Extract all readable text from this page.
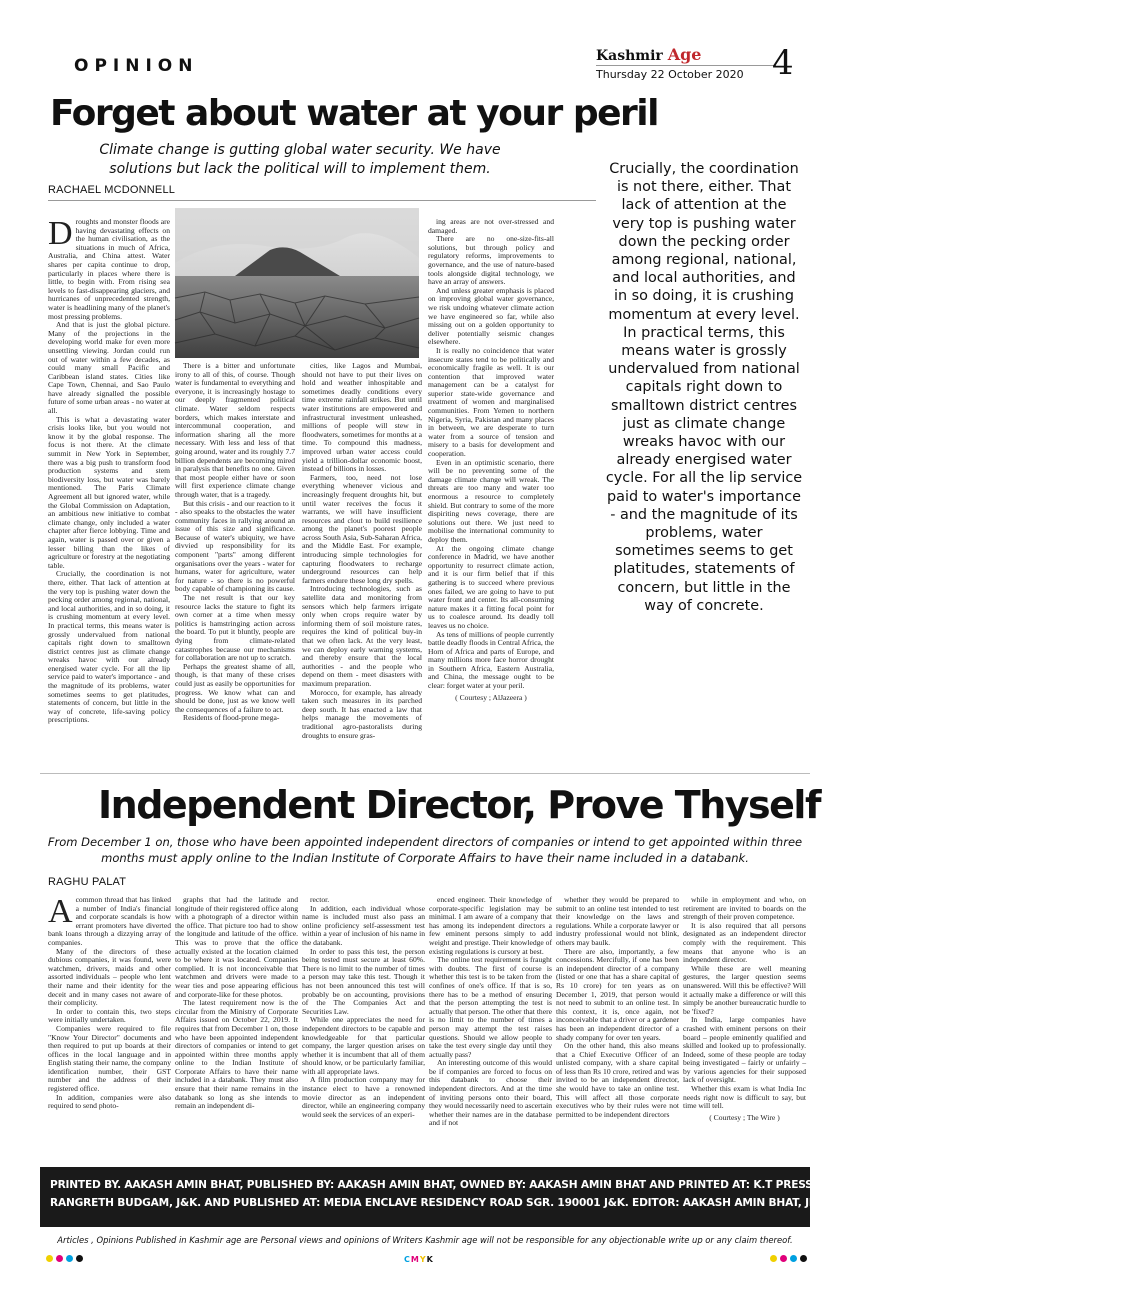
OPINION	Kashmir Age
Thursday 22 October 2020 4
Forget about water at your peril
Climate change is gutting global water security. We have solutions but lack the political will to implement them.
RACHAEL MCDONNELL

Droughts and monster floods are having devastating effects on the human civilisation, as the situations in much of Africa, Australia, and China attest. Water shares per capita continue to drop, particularly in places where there is little, to begin with. From rising sea levels to fast-disappearing glaciers, and hurricanes of unprecedented strength, water is headlining many of the planet's most pressing problems.

And that is just the global picture. Many of the projections in the developing world make for even more unsettling viewing. Jordan could run out of water within a few decades, as could many small Pacific and Caribbean island states. Cities like Cape Town, Chennai, and Sao Paulo have already signalled the possible future of some urban areas - no water at all.

This is what a devastating water crisis looks like, but you would not know it by the global response. The focus is not there. At the climate summit in New York in September, there was a big push to transform food production systems and stem biodiversity loss, but water was barely mentioned. The Paris Climate Agreement all but ignored water, while the Global Commission on Adaptation, an ambitious new initiative to combat climate change, only included a water chapter after fierce lobbying. Time and again, water is passed over or given a lesser billing than the likes of agriculture or forestry at the negotiating table.

Crucially, the coordination is not there, either. That lack of attention at the very top is pushing water down the pecking order among regional, national, and local authorities, and in so doing, it is crushing momentum at every level. In practical terms, this means water is grossly undervalued from national capitals right down to smalltown district centres just as climate change wreaks havoc with our already energised water cycle. For all the lip service paid to water's importance - and the magnitude of its problems, water sometimes seems to get platitudes, statements of concern, but little in the way of concrete, life-saving policy prescriptions.

There is a bitter and unfortunate irony to all of this, of course. Though water is fundamental to everything and everyone, it is increasingly hostage to our deeply fragmented political climate. Water seldom respects borders, which makes interstate and intercommunal cooperation, and information sharing all the more necessary. With less and less of that going around, water and its roughly 7.7 billion dependents are becoming mired in paralysis that benefits no one. Given that most people either have or soon will first experience climate change through water, that is a tragedy.

But this crisis - and our reaction to it - also speaks to the obstacles the water community faces in rallying around an issue of this size and significance. Because of water's ubiquity, we have divvied up responsibility for its component "parts" among different organisations over the years - water for humans, water for agriculture, water for nature - so there is no powerful body capable of championing its cause.

The net result is that our key resource lacks the stature to fight its own corner at a time when messy politics is hamstringing action across the board. To put it bluntly, people are dying from climate-related catastrophes because our mechanisms for collaboration are not up to scratch.

Perhaps the greatest shame of all, though, is that many of these crises could just as easily be opportunities for progress. We know what can and should be done, just as we know well the consequences of a failure to act.

Residents of flood-prone mega-

cities, like Lagos and Mumbai, should not have to put their lives on hold and weather inhospitable and sometimes deadly conditions every time extreme rainfall strikes. But until water institutions are empowered and infrastructural investment unleashed, millions of people will stew in floodwaters, sometimes for months at a time. To compound this madness, improved urban water access could yield a trillion-dollar economic boost, instead of billions in losses.

Farmers, too, need not lose everything whenever vicious and increasingly frequent droughts hit, but until water receives the focus it warrants, we will have insufficient resources and clout to build resilience among the planet's poorest people across South Asia, Sub-Saharan Africa, and the Middle East. For example, introducing simple technologies for capturing floodwaters to recharge underground resources can help farmers endure these long dry spells.

Introducing technologies, such as satellite data and monitoring from sensors which help farmers irrigate only when crops require water by informing them of soil moisture rates, requires the kind of political buy-in that we often lack. At the very least, we can deploy early warning systems, and thereby ensure that the local authorities - and the people who depend on them - meet disasters with maximum preparation.

Morocco, for example, has already taken such measures in its parched deep south. It has enacted a law that helps manage the movements of traditional agro-pastoralists during droughts to ensure gras-

ing areas are not over-stressed and damaged.

There are no one-size-fits-all solutions, but through policy and regulatory reforms, improvements to governance, and the use of nature-based tools alongside digital technology, we have an array of answers.

And unless greater emphasis is placed on improving global water governance, we risk undoing whatever climate action we have engineered so far, while also missing out on a golden opportunity to deliver potentially seismic changes elsewhere.

It is really no coincidence that water insecure states tend to be politically and economically fragile as well. It is our contention that improved water management can be a catalyst for superior state-wide governance and treatment of women and marginalised communities. From Yemen to northern Nigeria, Syria, Pakistan and many places in between, we are desperate to turn water from a source of tension and misery to a basis for development and cooperation.

Even in an optimistic scenario, there will be no preventing some of the damage climate change will wreak. The threats are too many and water too enormous a resource to completely shield. But contrary to some of the more dispiriting news coverage, there are solutions out there. We just need to mobilise the international community to deploy them.

At the ongoing climate change conference in Madrid, we have another opportunity to resurrect climate action, and it is our firm belief that if this gathering is to succeed where previous ones failed, we are going to have to put water front and center. Its all-consuming nature makes it a fitting focal point for us to coalesce around. Its deadly toll leaves us no choice.

As tens of millions of people currently battle deadly floods in Central Africa, the Horn of Africa and parts of Europe, and many millions more face horror drought in Southern Africa, Eastern Australia, and China, the message ought to be clear: forget water at your peril.

( Courtesy ; AlJazeera )

Crucially, the coordination is not there, either. That lack of attention at the very top is pushing water down the pecking order among regional, national, and local authorities, and in so doing, it is crushing momentum at every level. In practical terms, this means water is grossly undervalued from national capitals right down to smalltown district centres just as climate change wreaks havoc with our already energised water cycle. For all the lip service paid to water's importance - and the magnitude of its problems, water sometimes seems to get platitudes, statements of concern, but little in the way of concrete.
Independent Director, Prove Thyself
From December 1 on, those who have been appointed independent directors of companies or intend to get appointed within three months must apply online to the Indian Institute of Corporate Affairs to have their name included in a databank.
RAGHU PALAT

Acommon thread that has linked a number of India's financial and corporate scandals is how errant promoters have diverted bank loans through a dizzying array of companies.

Many of the directors of these dubious companies, it was found, were watchmen, drivers, maids and other assorted individuals – people who lent their name and their identity for the deceit and in many cases not aware of their complicity.

In order to contain this, two steps were initially undertaken.

Companies were required to file "Know Your Director" documents and then required to put up boards at their offices in the local language and in English stating their name, the company identification number, their GST number and the address of their registered office.

In addition, companies were also required to send photo-

graphs that had the latitude and longitude of their registered office along with a photograph of a director within the office. That picture too had to show the longitude and latitude of the office. This was to prove that the office actually existed at the location claimed to be where it was located. Companies complied. It is not inconceivable that watchmen and drivers were made to wear ties and pose appearing efficious and corporate-like for these photos.

The latest requirement now is the circular from the Ministry of Corporate Affairs issued on October 22, 2019. It requires that from December 1 on, those who have been appointed independent directors of companies or intend to get appointed within three months apply online to the Indian Institute of Corporate Affairs to have their name included in a databank. They must also ensure that their name remains in the databank so long as she intends to remain an independent di-

rector.

In addition, each individual whose name is included must also pass an online proficiency self-assessment test within a year of inclusion of his name in the databank.

In order to pass this test, the person being tested must secure at least 60%. There is no limit to the number of times a person may take this test. Though it has not been announced this test will probably be on accounting, provisions of the The Companies Act and Securities Law.

While one appreciates the need for independent directors to be capable and knowledgeable for that particular company, the larger question arises on whether it is incumbent that all of them should know, or be particularly familiar, with all appropriate laws.

A film production company may for instance elect to have a renowned movie director as an independent director, while an engineering company would seek the services of an experi-

enced engineer. Their knowledge of corporate-specific legislation may be minimal. I am aware of a company that has among its independent directors a few eminent persons simply to add weight and prestige. Their knowledge of existing regulations is cursory at best.

The online test requirement is fraught with doubts. The first of course is whether this test is to be taken from the confines of one's office. If that is so, there has to be a method of ensuring that the person attempting the test is actually that person. The other that there is no limit to the number of times a person may attempt the test raises questions. Should we allow people to take the test every single day until they actually pass?

An interesting outcome of this would be if companies are forced to focus on this databank to choose their independent directors. And at the time of inviting persons onto their board, they would necessarily need to ascertain whether their names are in the database and if not

whether they would be prepared to submit to an online test intended to test their knowledge on the laws and regulations. While a corporate lawyer or industry professional would not blink, others may baulk.

There are also, importantly, a few concessions. Mercifully, if one has been an independent director of a company (listed or one that has a share capital of Rs 10 crore) for ten years as on December 1, 2019, that person would not need to submit to an online test. In this context, it is, once again, not inconceivable that a driver or a gardener has been an independent director of a shady company for over ten years.

On the other hand, this also means that a Chief Executive Officer of an unlisted company, with a share capital of less than Rs 10 crore, retired and was invited to be an independent director, she would have to take an online test. This will affect all those corporate executives who by their rules were not permitted to be independent directors

while in employment and who, on retirement are invited to boards on the strength of their proven competence.

It is also required that all persons designated as an independent director comply with the requirement. This means that anyone who is an independent director.

While these are well meaning gestures, the larger question seems unanswered. Will this be effective? Will it actually make a difference or will this simply be another bureaucratic hurdle to be 'fixed'?

In India, large companies have crashed with eminent persons on their board – people eminently qualified and skilled and looked up to professionally. Indeed, some of these people are today being investigated – fairly or unfairly – by various agencies for their supposed lack of oversight.

Whether this exam is what India Inc needs right now is difficult to say, but time will tell.

( Courtesy ; The Wire )

PRINTED BY. AAKASH AMIN BHAT, PUBLISHED BY: AAKASH AMIN BHAT, OWNED BY: AAKASH AMIN BHAT AND PRINTED AT: K.T PRESS PVT. LTD.120- ELECTRONIC COMPLEX INDUSTRIAL ESTATE
RANGRETH BUDGAM, J&K. AND PUBLISHED AT: MEDIA ENCLAVE RESIDENCY ROAD SGR. 190001 J&K. EDITOR: AAKASH AMIN BHAT, JKENG/2006/23952
Articles , Opinions Published in Kashmir age are Personal views and opinions of Writers Kashmir age will not be responsible for any objectionable write up or any claim thereof.
CMYK
